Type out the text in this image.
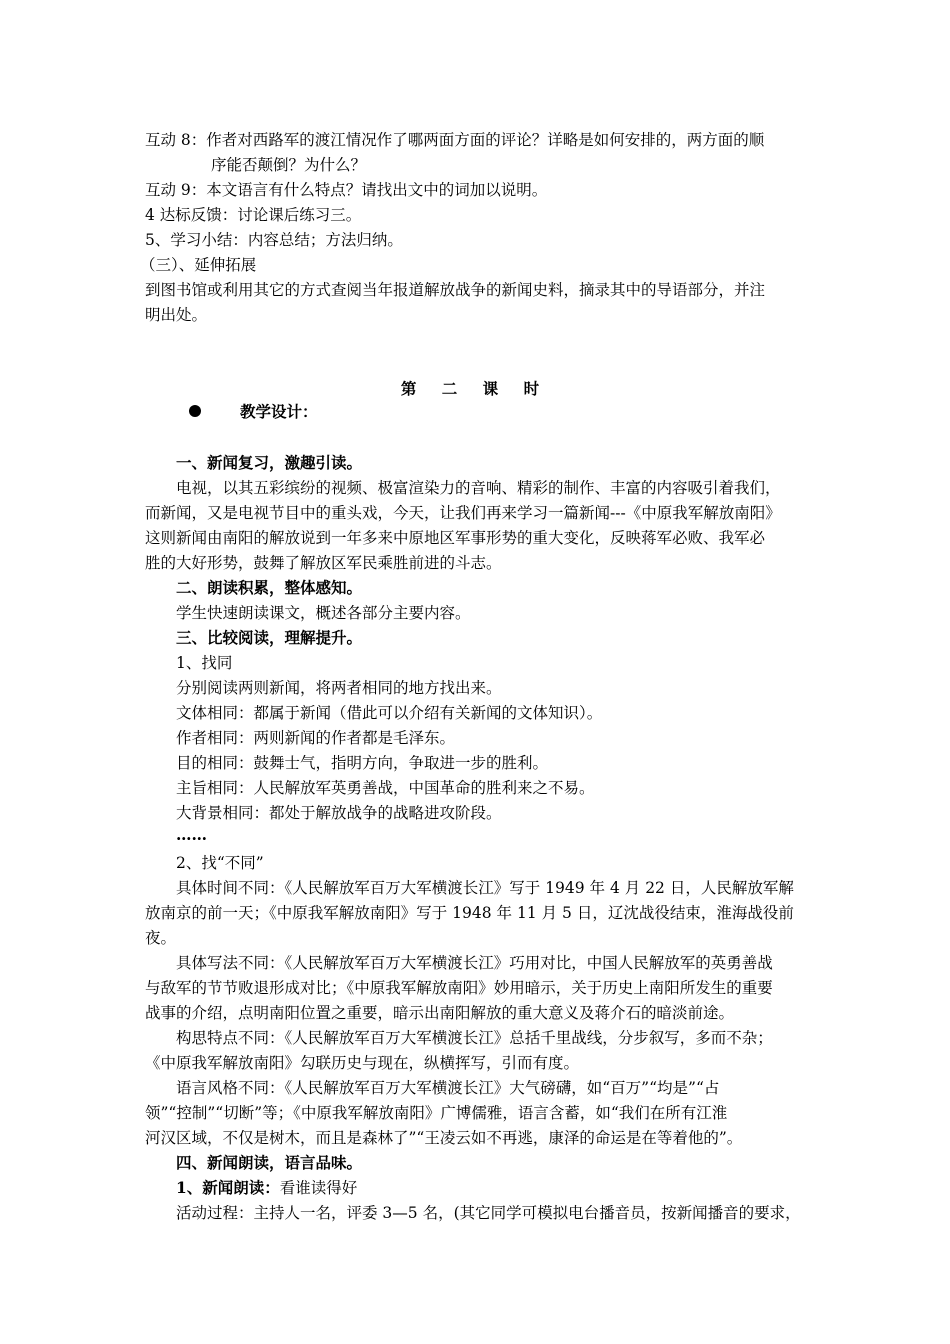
互动 8：作者对西路军的渡江情况作了哪两面方面的评论？详略是如何安排的，两方面的顺
序能否颠倒？为什么？
互动 9：本文语言有什么特点？请找出文中的词加以说明。
4 达标反馈：讨论课后练习三。
5、学习小结：内容总结；方法归纳。
（三）、延伸拓展
到图书馆或利用其它的方式查阅当年报道解放战争的新闻史料，摘录其中的导语部分，并注
明出处。
第 二 课 时
教学设计：
一、新闻复习，激趣引读。
电视，以其五彩缤纷的视频、极富渲染力的音响、精彩的制作、丰富的内容吸引着我们，
而新闻，又是电视节目中的重头戏，今天，让我们再来学习一篇新闻---《中原我军解放南阳》
这则新闻由南阳的解放说到一年多来中原地区军事形势的重大变化，反映蒋军必败、我军必
胜的大好形势，鼓舞了解放区军民乘胜前进的斗志。
二、朗读积累，整体感知。
学生快速朗读课文，概述各部分主要内容。
三、比较阅读，理解提升。
1、找同
分别阅读两则新闻，将两者相同的地方找出来。
文体相同：都属于新闻（借此可以介绍有关新闻的文体知识）。
作者相同：两则新闻的作者都是毛泽东。
目的相同：鼓舞士气，指明方向，争取进一步的胜利。
主旨相同：人民解放军英勇善战，中国革命的胜利来之不易。
大背景相同：都处于解放战争的战略进攻阶段。
……
2、找“不同”
具体时间不同：《人民解放军百万大军横渡长江》写于 1949 年 4 月 22 日，人民解放军解
放南京的前一天；《中原我军解放南阳》写于 1948 年 11 月 5 日，辽沈战役结束，淮海战役前
夜。
具体写法不同：《人民解放军百万大军横渡长江》巧用对比，中国人民解放军的英勇善战
与敌军的节节败退形成对比；《中原我军解放南阳》妙用暗示，关于历史上南阳所发生的重要
战事的介绍，点明南阳位置之重要，暗示出南阳解放的重大意义及蒋介石的暗淡前途。
构思特点不同：《人民解放军百万大军横渡长江》总括千里战线，分步叙写，多而不杂；
《中原我军解放南阳》勾联历史与现在，纵横挥写，引而有度。
语言风格不同：《人民解放军百万大军横渡长江》大气磅礴，如“百万”“均是”“占
领”“控制”“切断”等；《中原我军解放南阳》广博儒雅，语言含蓄，如“我们在所有江淮
河汉区域，不仅是树木，而且是森林了”“王凌云如不再逃，康泽的命运是在等着他的”。
四、新闻朗读，语言品味。
1、新闻朗读：看谁读得好
活动过程：主持人一名，评委 3—5 名，(其它同学可模拟电台播音员，按新闻播音的要求，
